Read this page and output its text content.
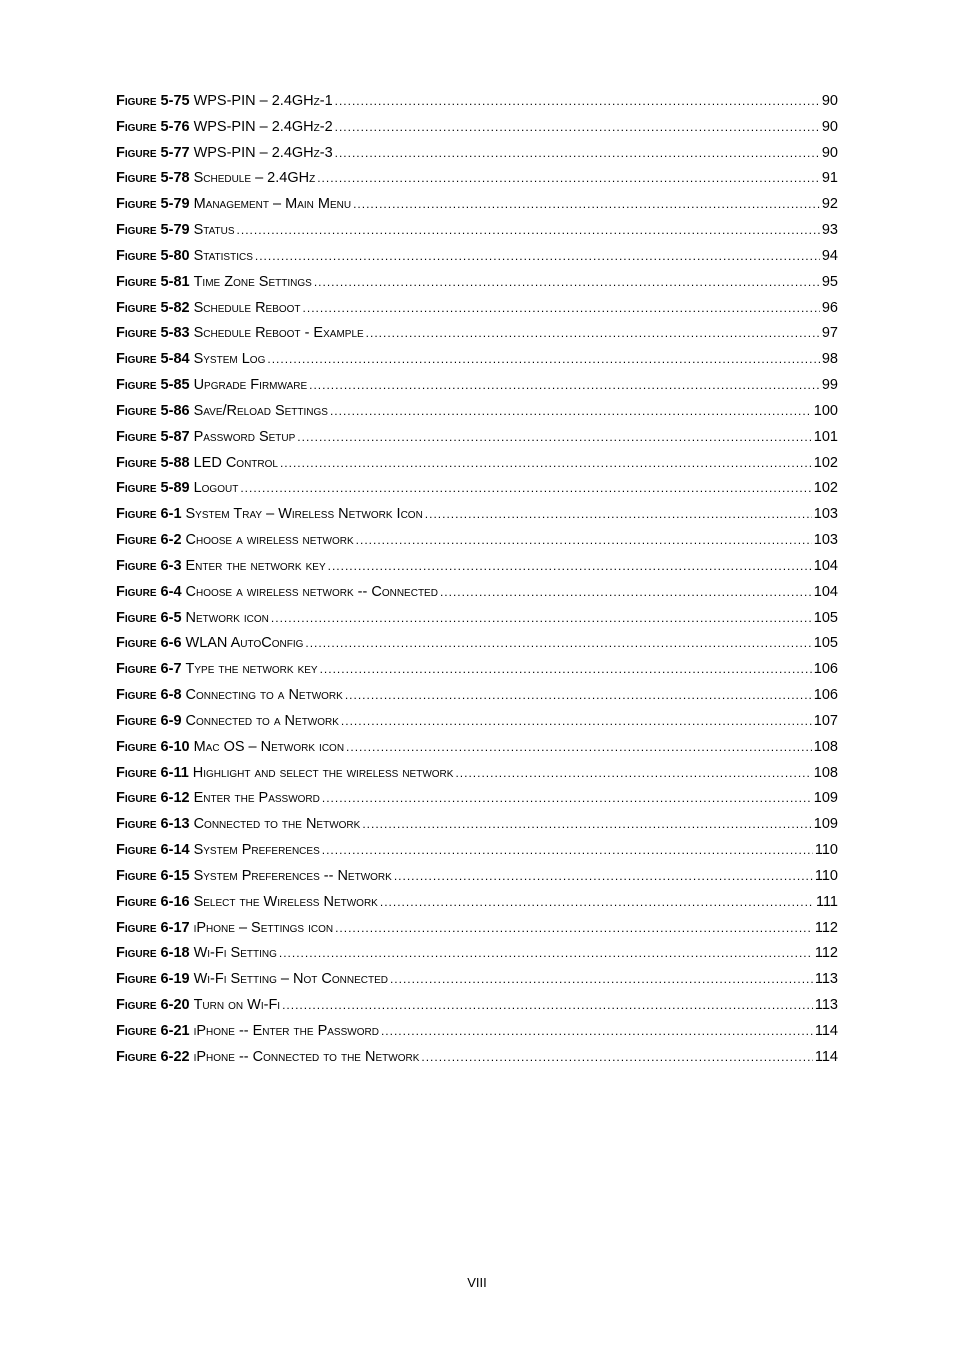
Figure 5-75 WPS-PIN – 2.4GHz-1 .....	90
Figure 5-76 WPS-PIN – 2.4GHz-2 .....	90
Figure 5-77 WPS-PIN – 2.4GHz-3 .....	90
Figure 5-78 Schedule – 2.4GHz .....	91
Figure 5-79 Management – Main Menu .....	92
Figure 5-79 Status .....	93
Figure 5-80 Statistics .....	94
Figure 5-81 Time Zone Settings .....	95
Figure 5-82 Schedule Reboot .....	96
Figure 5-83 Schedule Reboot - Example .....	97
Figure 5-84 System Log .....	98
Figure 5-85 Upgrade Firmware .....	99
Figure 5-86 Save/Reload Settings .....	100
Figure 5-87 Password Setup .....	101
Figure 5-88 LED Control .....	102
Figure 5-89 Logout .....	102
Figure 6-1 System Tray – Wireless Network Icon .....	103
Figure 6-2 Choose a wireless network .....	103
Figure 6-3 Enter the network key .....	104
Figure 6-4 Choose a wireless network -- Connected .....	104
Figure 6-5 Network icon .....	105
Figure 6-6 WLAN AutoConfig .....	105
Figure 6-7 Type the network key .....	106
Figure 6-8 Connecting to a Network .....	106
Figure 6-9 Connected to a Network .....	107
Figure 6-10 Mac OS – Network icon .....	108
Figure 6-11 Highlight and select the wireless network .....	108
Figure 6-12 Enter the Password .....	109
Figure 6-13 Connected to the Network .....	109
Figure 6-14 System Preferences .....	110
Figure 6-15 System Preferences -- Network .....	110
Figure 6-16 Select the Wireless Network .....	111
Figure 6-17 iPhone – Settings icon .....	112
Figure 6-18 Wi-Fi Setting .....	112
Figure 6-19 Wi-Fi Setting – Not Connected .....	113
Figure 6-20 Turn on Wi-Fi .....	113
Figure 6-21 iPhone -- Enter the Password .....	114
Figure 6-22 iPhone -- Connected to the Network .....	114
VIII
